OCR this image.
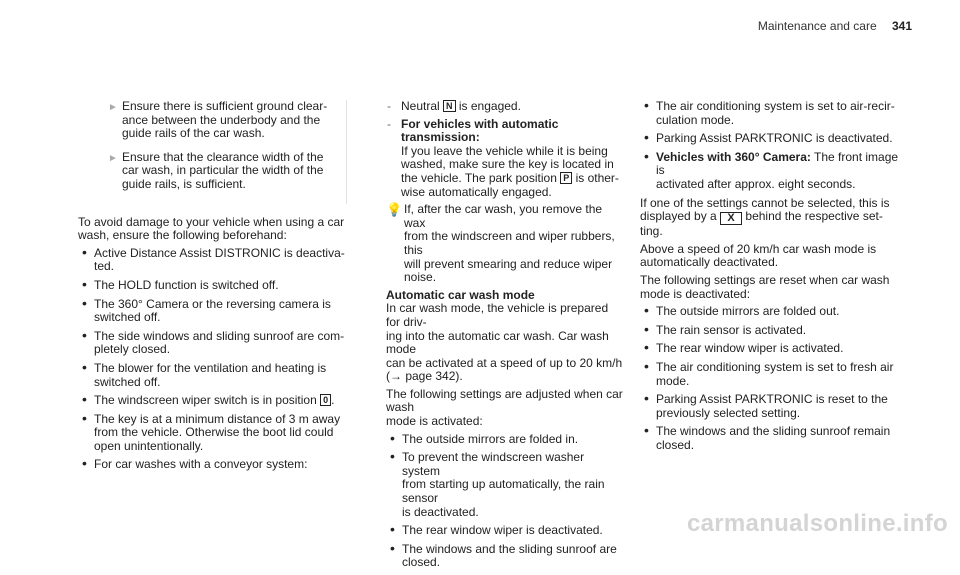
Maintenance and care 341
► Ensure there is sufficient ground clear-
ance between the underbody and the
guide rails of the car wash.

► Ensure that the clearance width of the
car wash, in particular the width of the
guide rails, is sufficient.

To avoid damage to your vehicle when using a car
wash, ensure the following beforehand:

• Active Distance Assist DISTRONIC is deactiva-
ted.
• The HOLD function is switched off.
• The 360° Camera or the reversing camera is
switched off.
• The side windows and sliding sunroof are com-
pletely closed.
• The blower for the ventilation and heating is
switched off.
• The windscreen wiper switch is in position 0 .
• The key is at a minimum distance of 3 m away
from the vehicle. Otherwise the boot lid could
open unintentionally.
• For car washes with a conveyor system:
- Neutral N is engaged.
- For vehicles with automatic transmission:
If you leave the vehicle while it is being
washed, make sure the key is located in
the vehicle. The park position P is other-
wise automatically engaged.
💡 If, after the car wash, you remove the wax
from the windscreen and wiper rubbers, this
will prevent smearing and reduce wiper noise.
Automatic car wash mode

In car wash mode, the vehicle is prepared for driv-
ing into the automatic car wash. Car wash mode
can be activated at a speed of up to 20 km/h
(→ page 342).

The following settings are adjusted when car wash
mode is activated:

• The outside mirrors are folded in.
• To prevent the windscreen washer system
from starting up automatically, the rain sensor
is deactivated.
• The rear window wiper is deactivated.
• The windows and the sliding sunroof are
closed.
• The air conditioning system is set to air-recir-
culation mode.
• Parking Assist PARKTRONIC is deactivated.
• Vehicles with 360° Camera: The front image is
activated after approx. eight seconds.

If one of the settings cannot be selected, this is
displayed by a X behind the respective set-
ting.

Above a speed of 20 km/h car wash mode is
automatically deactivated.

The following settings are reset when car wash
mode is deactivated:

• The outside mirrors are folded out.
• The rain sensor is activated.
• The rear window wiper is activated.
• The air conditioning system is set to fresh air
mode.
• Parking Assist PARKTRONIC is reset to the
previously selected setting.
• The windows and the sliding sunroof remain
closed.
carmanualsonline.info
